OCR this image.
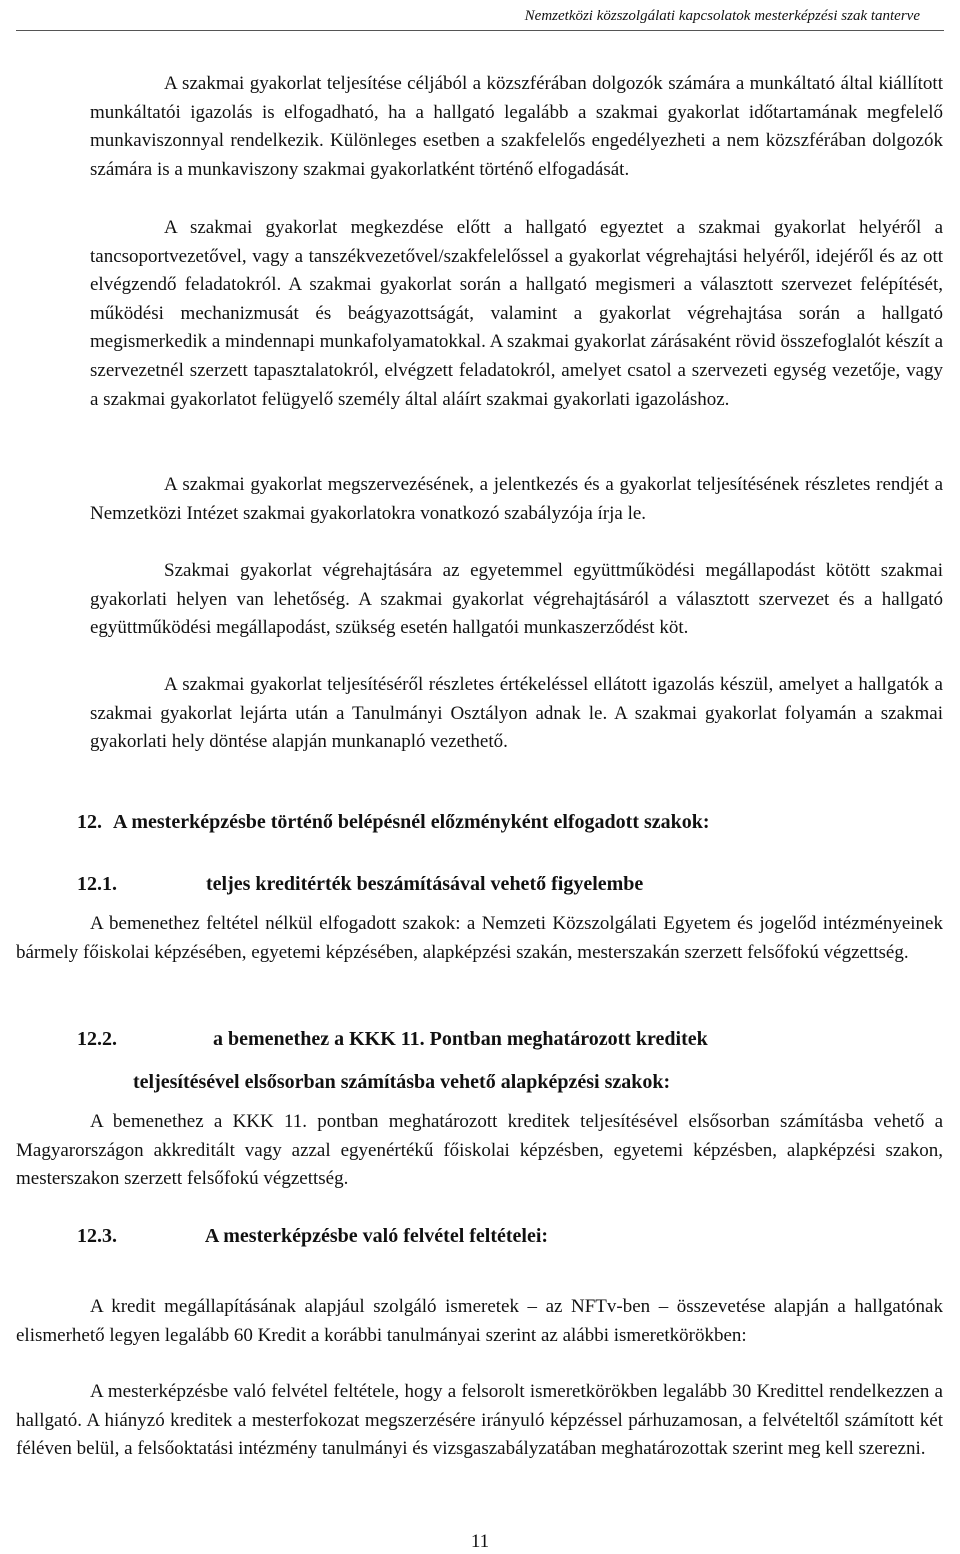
Nemzetközi közszolgálati kapcsolatok mesterképzési szak tanterve

A szakmai gyakorlat teljesítése céljából a közszférában dolgozók számára a munkáltató által kiállított munkáltatói igazolás is elfogadható, ha a hallgató legalább a szakmai gyakorlat időtartamának megfelelő munkaviszonnyal rendelkezik. Különleges esetben a szakfelelős engedélyezheti a nem közszférában dolgozók számára is a munkaviszony szakmai gyakorlatként történő elfogadását.

A szakmai gyakorlat megkezdése előtt a hallgató egyeztet a szakmai gyakorlat helyéről a tancsoportvezetővel, vagy a tanszékvezetővel/szakfelelőssel a gyakorlat végrehajtási helyéről, idejéről és az ott elvégzendő feladatokról. A szakmai gyakorlat során a hallgató megismeri a választott szervezet felépítését, működési mechanizmusát és beágyazottságát, valamint a gyakorlat végrehajtása során a hallgató megismerkedik a mindennapi munkafolyamatokkal. A szakmai gyakorlat zárásaként rövid összefoglalót készít a szervezetnél szerzett tapasztalatokról, elvégzett feladatokról, amelyet csatol a szervezeti egység vezetője, vagy a szakmai gyakorlatot felügyelő személy által aláírt szakmai gyakorlati igazoláshoz.

A szakmai gyakorlat megszervezésének, a jelentkezés és a gyakorlat teljesítésének részletes rendjét a Nemzetközi Intézet szakmai gyakorlatokra vonatkozó szabályzója írja le.

Szakmai gyakorlat végrehajtására az egyetemmel együttműködési megállapodást kötött szakmai gyakorlati helyen van lehetőség. A szakmai gyakorlat végrehajtásáról a választott szervezet és a hallgató együttműködési megállapodást, szükség esetén hallgatói munkaszerződést köt.

A szakmai gyakorlat teljesítéséről részletes értékeléssel ellátott igazolás készül, amelyet a hallgatók a szakmai gyakorlat lejárta után a Tanulmányi Osztályon adnak le. A szakmai gyakorlat folyamán a szakmai gyakorlati hely döntése alapján munkanapló vezethető.

12. A mesterképzésbe történő belépésnél előzményként elfogadott szakok:
12.1.	teljes kreditérték beszámításával vehető figyelembe

A bemenethez feltétel nélkül elfogadott szakok: a Nemzeti Közszolgálati Egyetem és jogelőd intézményeinek bármely főiskolai képzésében, egyetemi képzésében, alapképzési szakán, mesterszakán szerzett felsőfokú végzettség.

12.2.	a bemenethez a KKK 11. Pontban meghatározott kreditek
teljesítésével elsősorban számításba vehető alapképzési szakok:

A bemenethez a KKK 11. pontban meghatározott kreditek teljesítésével elsősorban számításba vehető a Magyarországon akkreditált vagy azzal egyenértékű főiskolai képzésben, egyetemi képzésben, alapképzési szakon, mesterszakon szerzett felsőfokú végzettség.

12.3.	A mesterképzésbe való felvétel feltételei:

A kredit megállapításának alapjául szolgáló ismeretek – az NFTv-ben – összevetése alapján a hallgatónak elismerhető legyen legalább 60 Kredit a korábbi tanulmányai szerint az alábbi ismeretkörökben:

A mesterképzésbe való felvétel feltétele, hogy a felsorolt ismeretkörökben legalább 30 Kredittel rendelkezzen a hallgató. A hiányzó kreditek a mesterfokozat megszerzésére irányuló képzéssel párhuzamosan, a felvételtől számított két féléven belül, a felsőoktatási intézmény tanulmányi és vizsgaszabályzatában meghatározottak szerint meg kell szerezni.

11
